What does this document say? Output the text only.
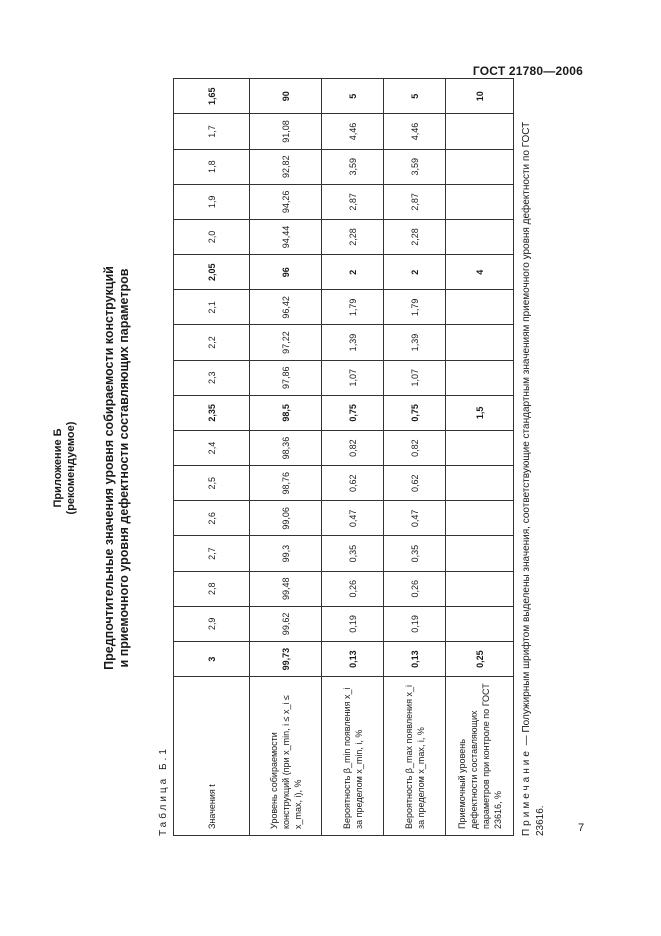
ГОСТ 21780—2006
Приложение Б (рекомендуемое) Предпочтительные значения уровня собираемости конструкций и приемочного уровня дефектности составляющих параметров
Таблица Б.1	Значения t	3	2,9	2,8	2,7	2,6	2,5	2,4	2,35	2,3	2,2	2,1	2,05	2,0	1,9	1,8	1,7	1,65
Уровень собираемости конструкций (при x_min, i ≤ x_i ≤ x_max, i), %	99,73	99,62	99,48	99,3	99,06	98,76	98,36	98,5	97,86	97,22	96,42	96	94,44	94,26	92,82	91,08	90
Вероятность β_min появления x_i за пределом x_min, i, %	0,13	0,19	0,26	0,35	0,47	0,62	0,82	0,75	1,07	1,39	1,79	2	2,28	2,87	3,59	4,46	5
Вероятность β_max появления x_i за пределом x_max, i, %	0,13	0,19	0,26	0,35	0,47	0,62	0,82	0,75	1,07	1,39	1,79	2	2,28	2,87	3,59	4,46	5
Приемочный уровень дефектности составляющих параметров при контроле по ГОСТ 23616, %	0,25							1,5				4					10
Примечание — Полужирным шрифтом выделены значения, соответствующие стандартным значениям приемочного уровня дефектности по ГОСТ 23616.	7
